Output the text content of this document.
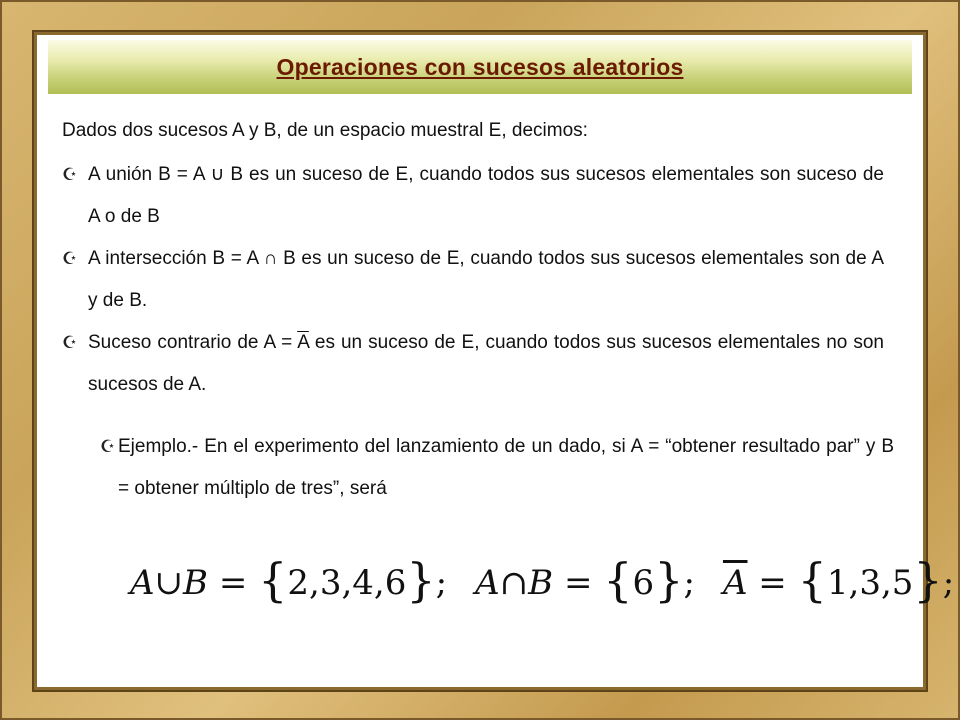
Operaciones con sucesos aleatorios

Dados dos sucesos A y B, de un espacio muestral E, decimos:

☪ A unión B = A ∪ B es un suceso de E, cuando todos sus sucesos elementales son suceso de A o de B

☪ A intersección B = A ∩ B es un suceso de E, cuando todos sus sucesos elementales son de A y de B.

☪ Suceso contrario de $A = \overline{A}$ es un suceso de E, cuando todos sus sucesos elementales no son sucesos de A.

☪ Ejemplo.- En el experimento del lanzamiento de un dado, si A = “obtener resultado par” y B = obtener múltiplo de tres”, será

A∪B = {2,3,4,6}; A∩B = {6}; $\overline{A} = \{1,3,5\}$;
